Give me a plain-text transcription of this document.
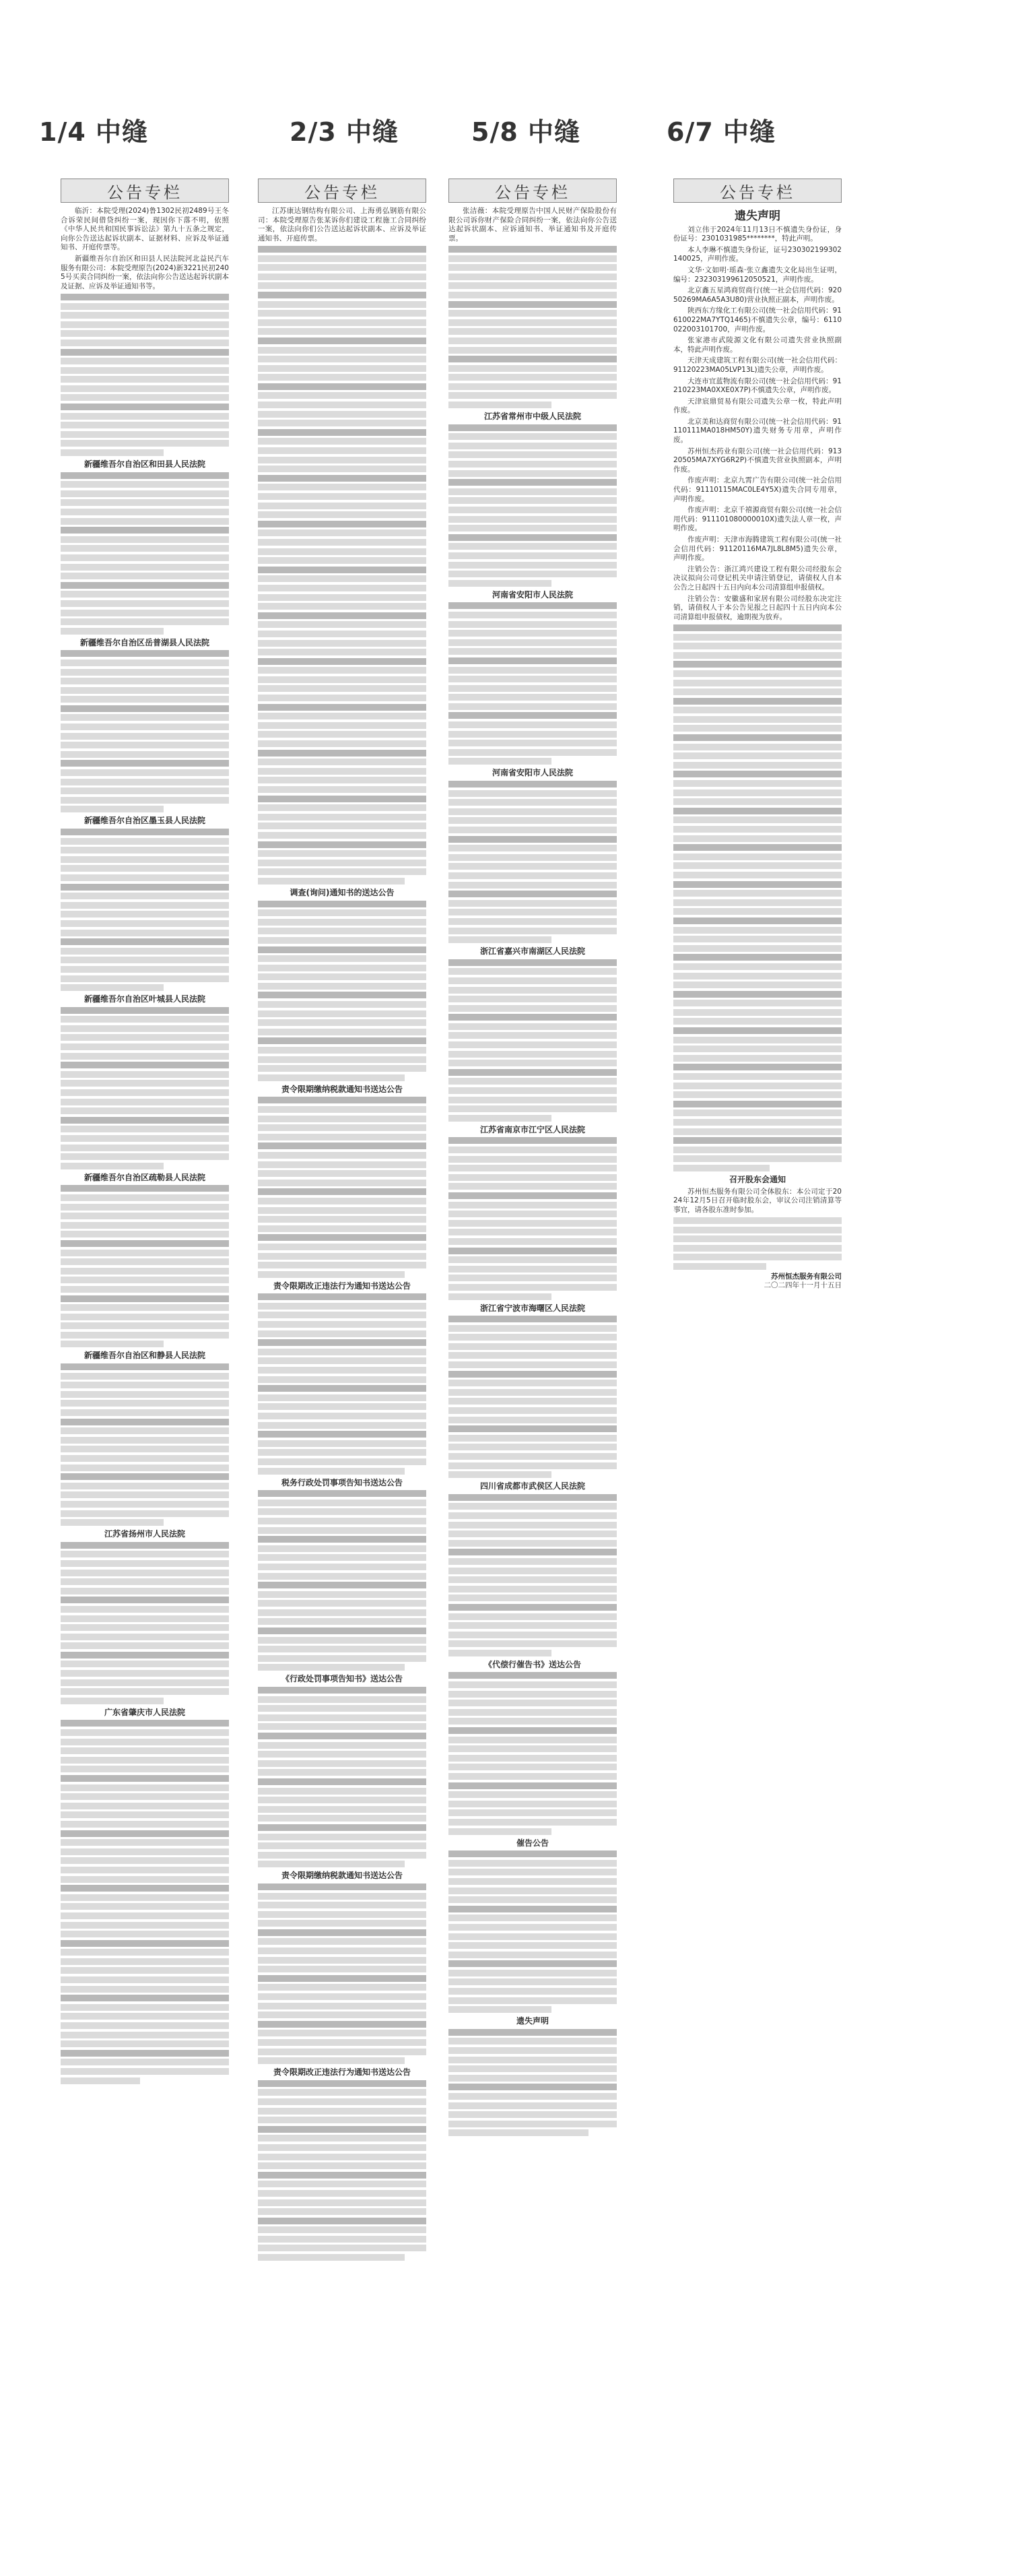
1/4 中缝	2/3 中缝	5/8 中缝	6/7 中缝
公告专栏

临沂：本院受理(2024)鲁1302民初2489号王冬合诉荣民间借贷纠纷一案，现因你下落不明，依照《中华人民共和国民事诉讼法》第九十五条之规定，向你公告送达起诉状副本、证据材料、应诉及举证通知书、开庭传票等。

新疆维吾尔自治区和田县人民法院河北益民汽车服务有限公司：本院受理原告(2024)新3221民初2405号买卖合同纠纷一案，依法向你公告送达起诉状副本及证据、应诉及举证通知书等。

新疆维吾尔自治区和田县人民法院
新疆维吾尔自治区岳普湖县人民法院
新疆维吾尔自治区墨玉县人民法院
新疆维吾尔自治区叶城县人民法院
新疆维吾尔自治区疏勒县人民法院
新疆维吾尔自治区和静县人民法院
江苏省扬州市人民法院
广东省肇庆市人民法院
公告专栏

江苏康达钢结构有限公司、上海勇弘钢筋有限公司：本院受理原告张某诉你们建设工程施工合同纠纷一案，依法向你们公告送达起诉状副本、应诉及举证通知书、开庭传票。

调查(询问)通知书的送达公告
责令限期缴纳税款通知书送达公告
责令限期改正违法行为通知书送达公告
税务行政处罚事项告知书送达公告
《行政处罚事项告知书》送达公告
责令限期缴纳税款通知书送达公告
责令限期改正违法行为通知书送达公告
公告专栏

张洁薇：本院受理原告中国人民财产保险股份有限公司诉你财产保险合同纠纷一案，依法向你公告送达起诉状副本、应诉通知书、举证通知书及开庭传票。

江苏省常州市中级人民法院
河南省安阳市人民法院
河南省安阳市人民法院
浙江省嘉兴市南湖区人民法院
江苏省南京市江宁区人民法院
浙江省宁波市海曙区人民法院
四川省成都市武侯区人民法院
《代偿行催告书》送达公告
催告公告
遗失声明
公告专栏
遗失声明

刘立伟于2024年11月13日不慎遗失身份证，身份证号：2301031985********，特此声明。

本人李琳不慎遗失身份证，证号230302199302140025，声明作废。

文华·文如明·瑶森·张立鑫遗失文化局出生证明，编号：232303199612050521，声明作废。

北京鑫五星鸿商贸商行(统一社会信用代码：92050269MA6A5A3U80)营业执照正副本，声明作废。

陕西东方缘化工有限公司(统一社会信用代码：91610022MA7YTQ1465)不慎遗失公章，编号：6110022003101700，声明作废。

张家港市武陵源文化有限公司遗失营业执照副本，特此声明作废。

天津天成建筑工程有限公司(统一社会信用代码：91120223MA05LVP13L)遗失公章，声明作废。

大连市宜蓝物流有限公司(统一社会信用代码：91210223MA0XXE0X7P)不慎遗失公章，声明作废。

天津宸鼎贸易有限公司遗失公章一枚，特此声明作废。

北京美和达商贸有限公司(统一社会信用代码：91110111MA018HM50Y)遗失财务专用章，声明作废。

苏州恒杰药业有限公司(统一社会信用代码：91320505MA7XYG6R2P)不慎遗失营业执照副本，声明作废。

作废声明：北京九霄广告有限公司(统一社会信用代码：91110115MAC0LE4Y5X)遗失合同专用章，声明作废。

作废声明：北京千禧源商贸有限公司(统一社会信用代码：911101080000010X)遗失法人章一枚，声明作废。

作废声明：天津市海腾建筑工程有限公司(统一社会信用代码：91120116MA7JL8L8M5)遗失公章，声明作废。

注销公告：浙江鸿兴建设工程有限公司经股东会决议拟向公司登记机关申请注销登记，请债权人自本公告之日起四十五日内向本公司清算组申报债权。

注销公告：安徽盛和家居有限公司经股东决定注销，请债权人于本公告见报之日起四十五日内向本公司清算组申报债权，逾期视为放弃。

召开股东会通知

苏州恒杰服务有限公司全体股东：本公司定于2024年12月5日召开临时股东会，审议公司注销清算等事宜，请各股东准时参加。

苏州恒杰服务有限公司
二〇二四年十一月十五日
